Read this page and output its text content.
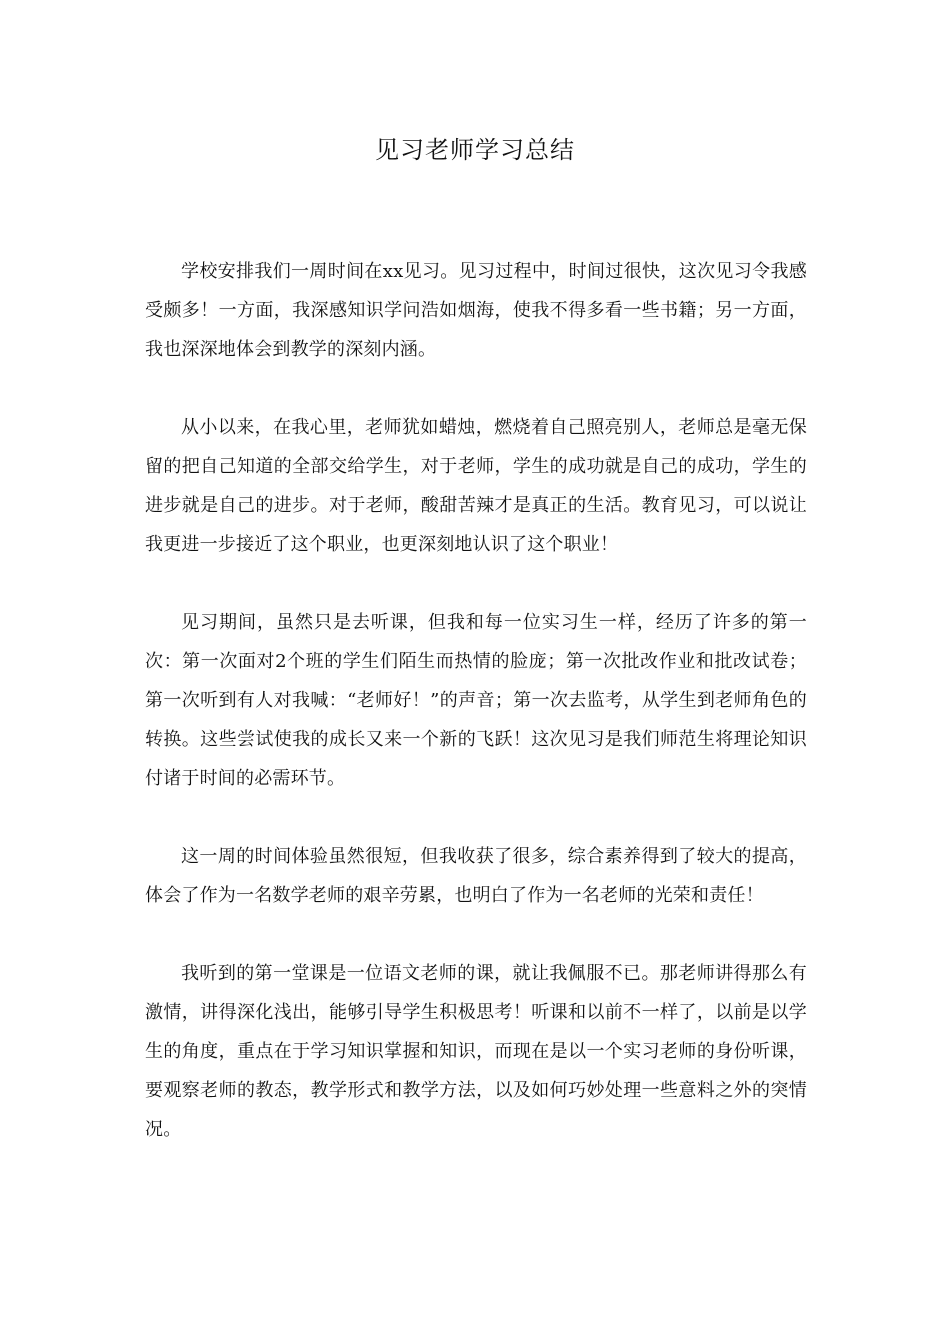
见习老师学习总结

学校安排我们一周时间在xx见习。见习过程中，时间过很快，这次见习令我感受颇多！一方面，我深感知识学问浩如烟海，使我不得多看一些书籍；另一方面，我也深深地体会到教学的深刻内涵。

从小以来，在我心里，老师犹如蜡烛，燃烧着自己照亮别人，老师总是毫无保留的把自己知道的全部交给学生，对于老师，学生的成功就是自己的成功，学生的进步就是自己的进步。对于老师，酸甜苦辣才是真正的生活。教育见习，可以说让我更进一步接近了这个职业，也更深刻地认识了这个职业！

见习期间，虽然只是去听课，但我和每一位实习生一样，经历了许多的第一次：第一次面对2个班的学生们陌生而热情的脸庞；第一次批改作业和批改试卷；第一次听到有人对我喊：“老师好！”的声音；第一次去监考，从学生到老师角色的转换。这些尝试使我的成长又来一个新的飞跃！这次见习是我们师范生将理论知识付诸于时间的必需环节。

这一周的时间体验虽然很短，但我收获了很多，综合素养得到了较大的提高，体会了作为一名数学老师的艰辛劳累，也明白了作为一名老师的光荣和责任！

我听到的第一堂课是一位语文老师的课，就让我佩服不已。那老师讲得那么有激情，讲得深化浅出，能够引导学生积极思考！听课和以前不一样了，以前是以学生的角度，重点在于学习知识掌握和知识，而现在是以一个实习老师的身份听课，要观察老师的教态，教学形式和教学方法，以及如何巧妙处理一些意料之外的突情况。
